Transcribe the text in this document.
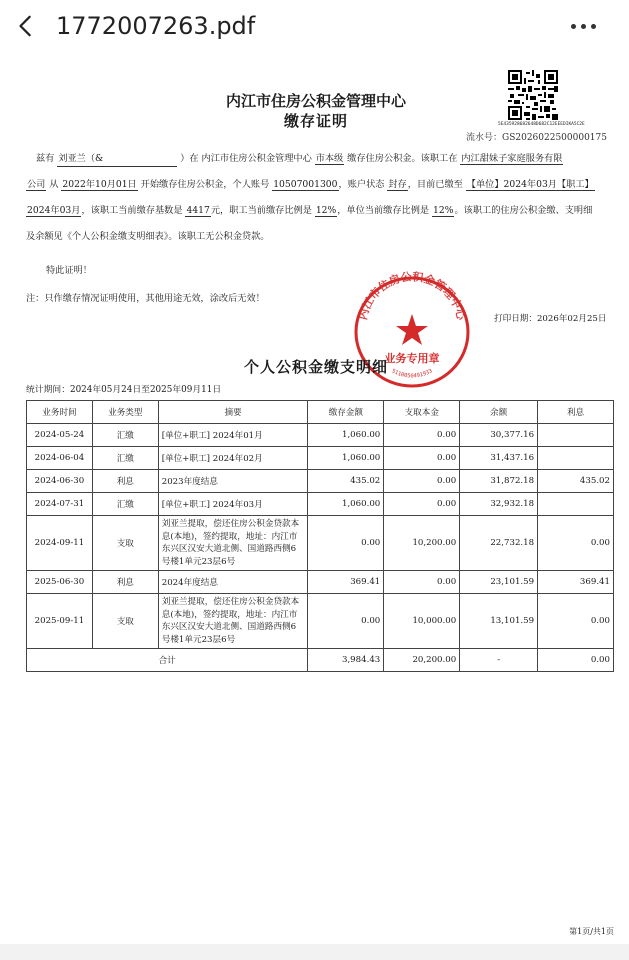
1772007263.pdf
内江市住房公积金管理中心
缴存证明	5E435928682648D682C12EEEDIKA5C2E
流水号：GS2026022500000175
兹有 刘亚兰（&	）在 内江市住房公积金管理中心 市本级 缴存住房公积金。该职工在 内江甜妹子家庭服务有限
公司 从 2022年10月01日 开始缴存住房公积金，个人账号 10507001300，账户状态 封存，目前已缴至 【单位】2024年03月【职工】
2024年03月，该职工当前缴存基数是 4417元，职工当前缴存比例是 12%，单位当前缴存比例是 12%。该职工的住房公积金缴、支明细
及余额见《个人公积金缴支明细表》。该职工无公积金贷款。
特此证明！
注：只作缴存情况证明使用，其他用途无效，涂改后无效！
打印日期：2026年02月25日
内江市住房公积金管理中心
业务专用章
5110050491933
个人公积金缴支明细
统计期间：2024年05月24日至2025年09月11日
业务时间	业务类型	摘要	缴存金额	支取本金	余额	利息
2024-05-24	汇缴	[单位+职工] 2024年01月	1,060.00	0.00	30,377.16	
2024-06-04	汇缴	[单位+职工] 2024年02月	1,060.00	0.00	31,437.16	
2024-06-30	利息	2023年度结息	435.02	0.00	31,872.18	435.02
2024-07-31	汇缴	[单位+职工] 2024年03月	1,060.00	0.00	32,932.18	
2024-09-11	支取	刘亚兰提取，偿还住房公积金贷款本息(本地)，签约提取，地址：内江市东兴区汉安大道北侧、国道路西侧6号楼1单元23层6号	0.00	10,200.00	22,732.18	0.00
2025-06-30	利息	2024年度结息	369.41	0.00	23,101.59	369.41
2025-09-11	支取	刘亚兰提取，偿还住房公积金贷款本息(本地)，签约提取，地址：内江市东兴区汉安大道北侧、国道路西侧6号楼1单元23层6号	0.00	10,000.00	13,101.59	0.00
合计			3,984.43	20,200.00	-	0.00
第1页/共1页
